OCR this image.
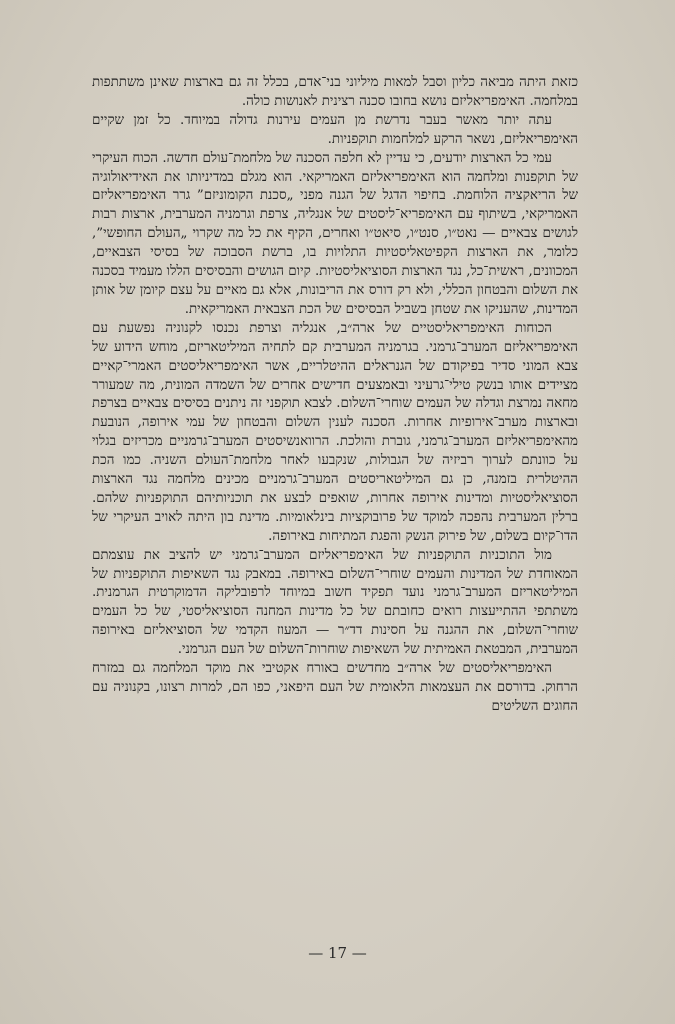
כזאת היתה מביאה כליון וסבל למאות מיליוני בני־אדם, בכלל זה גם בארצות שאינן משתתפות במלחמה. האימפריאליזם נושא בחובו סכנה רצינית לאנושות כולה.

עתה יותר מאשר בעבר נדרשת מן העמים עירנות גדולה במיוחד. כל זמן שקיים האימפריאליזם, נשאר הרקע למלחמות תוקפניות.

עמי כל הארצות יודעים, כי עדיין לא חלפה הסכנה של מלחמת־עולם חדשה. הכוח העיקרי של תוקפנות ומלחמה הוא האימפריאליזם האמריקאי. הוא מגלם במדיניותו את האידיאולוגיה של הריאקציה הלוחמת. בחיפוי הדגל של הגנה מפני „סכנת הקומוניזם” גרר האימפריאליזם האמריקאי, בשיתוף עם האימפריא־ליסטים של אנגליה, צרפת וגרמניה המערבית, ארצות רבות לגושים צבאיים — נאט״ו, סנט״ו, סיאט״ו ואחרים, הקיף את כל מה שקרוי „העולם החופשי”, כלומר, את הארצות הקפיטאליסטיות התלויות בו, ברשת הסבוכה של בסיסי הצבאיים, המכוונים, ראשית־כל, נגד הארצות הסוציאליסטיות. קיום הגושים והבסיסים הללו מעמיד בסכנה את השלום והבטחון הכללי, ולא רק דורס את הריבונות, אלא גם מאיים על עצם קיומן של אותן המדינות, שהעניקו את שטחן בשביל הבסיסים של הכת הצבאית האמריקאית.

הכוחות האימפריאליסטיים של ארה״ב, אנגליה וצרפת נכנסו לקנוניה נפשעת עם האימפריאליזם המערב־גרמני. בגרמניה המערבית קם לתחיה המיליטאריזם, מוחש הידוע של צבא המוני סדיר בפיקודם של הגנראלים ההיטלריים, אשר האימפריאליסטים האמרי־קאיים מציידים אותו בנשק טילי־גרעיני ובאמצעים חדישים אחרים של השמדה המונית, מה שמעורר מחאה נמרצת וגדלה של העמים שוחרי־השלום. לצבא תוקפני זה ניתנים בסיסים צבאיים בצרפת ובארצות מערב־אירופיות אחרות. הסכנה לענין השלום והבטחון של עמי אירופה, הנובעת מהאימפריאליזם המערב־גרמני, גוברת והולכת. הרוואנשיסטים המערב־גרמניים מכריזים בגלוי על כוונתם לערוך רביזיה של הגבולות, שנקבעו לאחר מלחמת־העולם השניה. כמו הכת ההיטלרית בזמנה, כן גם המיליטאריסטים המערב־גרמניים מכינים מלחמה נגד הארצות הסוציאליסטיות ומדינות אירופה אחרות, שואפים לבצע את תוכניותיהם התוקפניות שלהם. ברלין המערבית נהפכה למוקד של פרובוקציות בינלאומיות. מדינת בון היתה לאויב העיקרי של הדו־קיום בשלום, של פירוק הנשק והפגת המתיחות באירופה.

מול התוכניות התוקפניות של האימפריאליזם המערב־גרמני יש להציב את עוצמתם המאוחדת של המדינות והעמים שוחרי־השלום באירופה. במאבק נגד השאיפות התוקפניות של המיליטאריזם המערב־גרמני נועד תפקיד חשוב במיוחד לרפובליקה הדמוקרטית הגרמנית. משתתפי ההתייעצות רואים כחובתם של כל מדינות המחנה הסוציאליסטי, של כל העמים שוחרי־השלום, את ההגנה על חסינות דד״ר — המעוז הקדמי של הסוציאליזם באירופה המערבית, המבטאת האמיתית של השאיפות שוחרות־השלום של העם הגרמני.

האימפריאליסטים של ארה״ב מחדשים באורח אקטיבי את מוקד המלחמה גם במזרח הרחוק. בדורסם את העצמאות הלאומית של העם היפאני, כפו הם, למרות רצונו, בקנוניה עם החוגים השליטים

— 17 —
